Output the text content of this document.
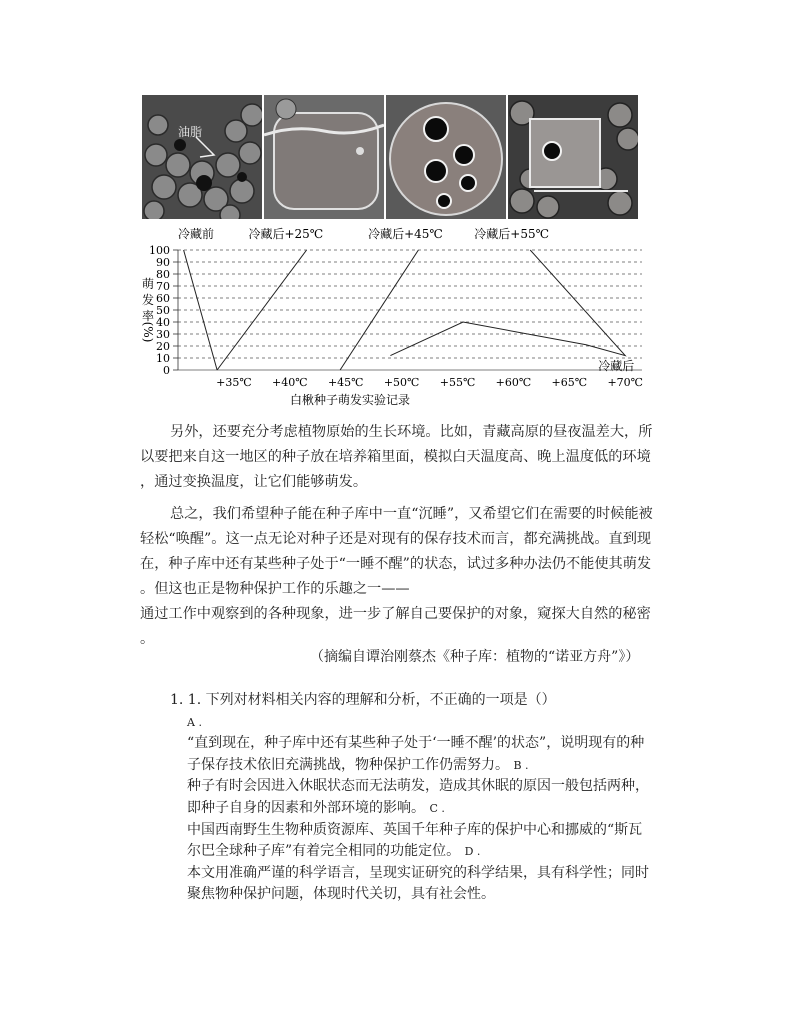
油脂
0
10
20
30
40
50
60
70
80
90
100
萌
发
率
(%)
+35℃ +40℃ +45℃ +50℃ +55℃ +60℃ +65℃ +70℃
冷藏前	冷藏后+25℃	冷藏后+45℃	冷藏后+55℃
冷藏后
白楸种子萌发实验记录
另外，还要充分考虑植物原始的生长环境。比如，青藏高原的昼夜温差大，所
以要把来自这一地区的种子放在培养箱里面，模拟白天温度高、晚上温度低的环境
，通过变换温度，让它们能够萌发。
总之，我们希望种子能在种子库中一直“沉睡”，又希望它们在需要的时候能被
轻松“唤醒”。这一点无论对种子还是对现有的保存技术而言，都充满挑战。直到现
在，种子库中还有某些种子处于“一睡不醒”的状态，试过多种办法仍不能使其萌发
。但这也正是物种保护工作的乐趣之一——
通过工作中观察到的各种现象，进一步了解自己要保护的对象，窥探大自然的秘密
。
（摘编自谭治刚蔡杰《种子库：植物的“诺亚方舟”》）
1. 1. 下列对材料相关内容的理解和分析，不正确的一项是（）
A .
“直到现在，种子库中还有某些种子处于‘一睡不醒’的状态”，说明现有的种
子保存技术依旧充满挑战，物种保护工作仍需努力。 B .
种子有时会因进入休眠状态而无法萌发，造成其休眠的原因一般包括两种，
即种子自身的因素和外部环境的影响。 C .
中国西南野生生物种质资源库、英国千年种子库的保护中心和挪威的“斯瓦
尔巴全球种子库”有着完全相同的功能定位。 D .
本文用准确严谨的科学语言，呈现实证研究的科学结果，具有科学性；同时
聚焦物种保护问题，体现时代关切，具有社会性。
